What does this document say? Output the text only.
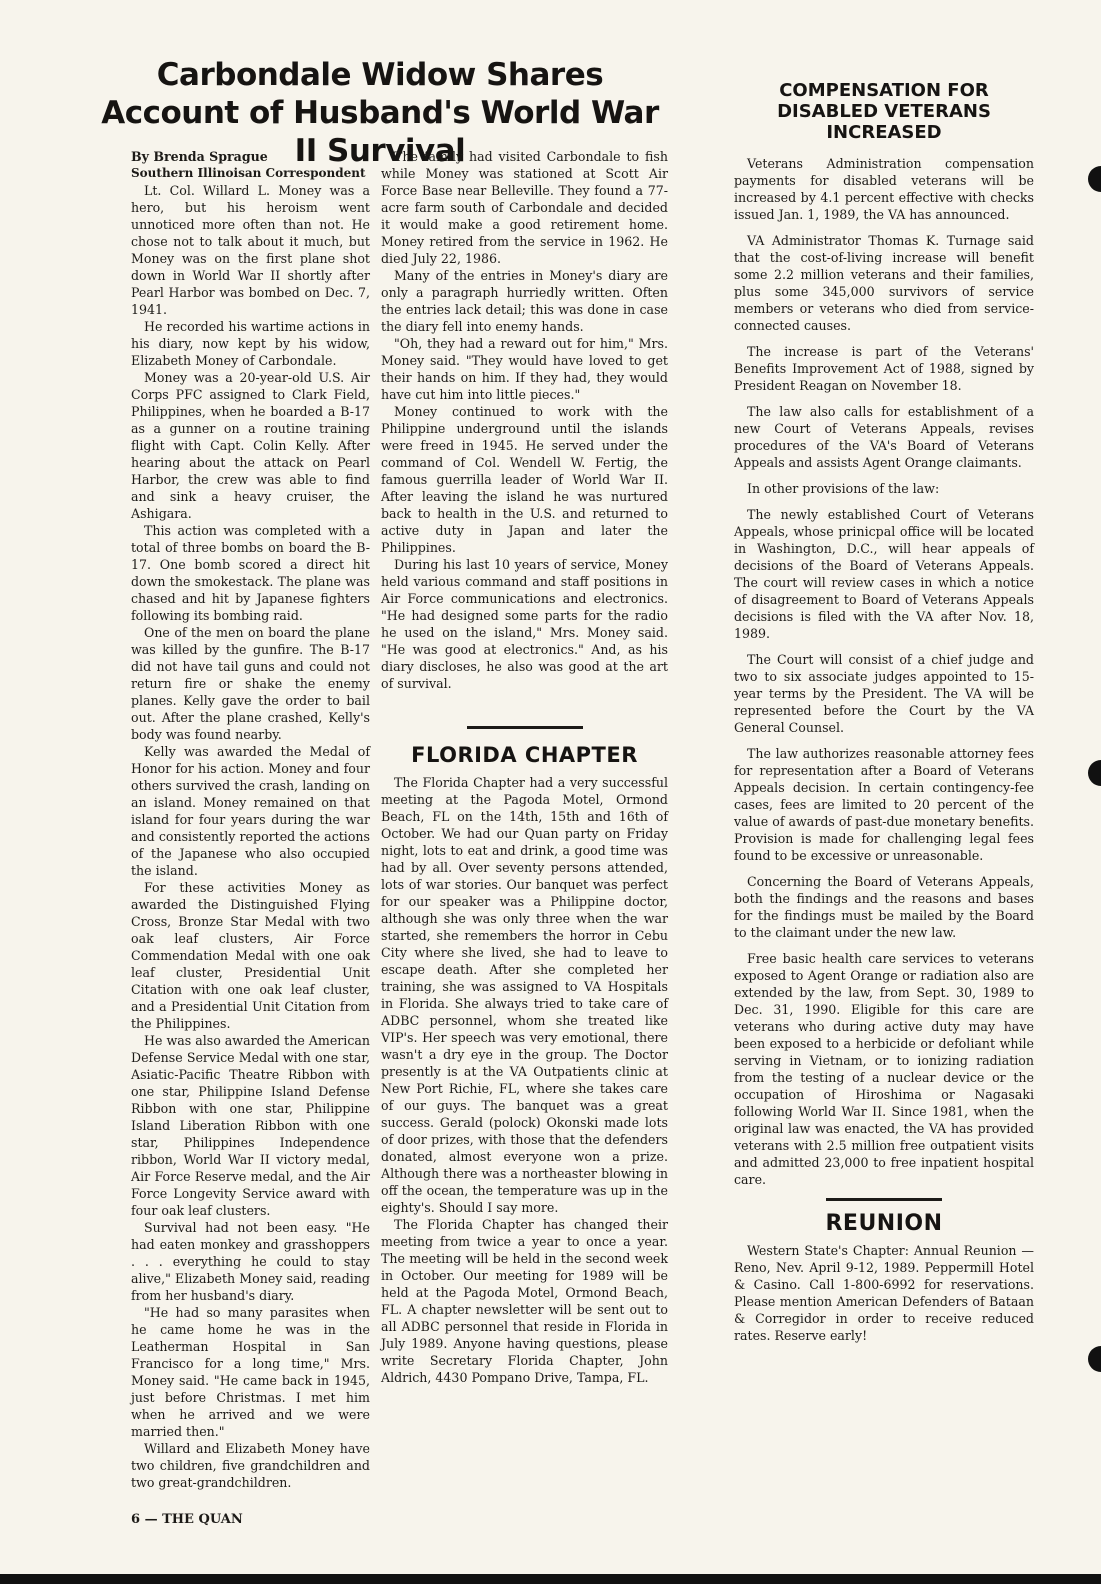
Carbondale Widow Shares Account of Husband's World War II Survival
By Brenda Sprague
Southern Illinoisan Correspondent

Lt. Col. Willard L. Money was a hero, but his heroism went unnoticed more often than not. He chose not to talk about it much, but Money was on the first plane shot down in World War II shortly after Pearl Harbor was bombed on Dec. 7, 1941.

He recorded his wartime actions in his diary, now kept by his widow, Elizabeth Money of Carbondale.

Money was a 20-year-old U.S. Air Corps PFC assigned to Clark Field, Philippines, when he boarded a B-17 as a gunner on a routine training flight with Capt. Colin Kelly. After hearing about the attack on Pearl Harbor, the crew was able to find and sink a heavy cruiser, the Ashigara.

This action was completed with a total of three bombs on board the B-17. One bomb scored a direct hit down the smokestack. The plane was chased and hit by Japanese fighters following its bombing raid.

One of the men on board the plane was killed by the gunfire. The B-17 did not have tail guns and could not return fire or shake the enemy planes. Kelly gave the order to bail out. After the plane crashed, Kelly's body was found nearby.

Kelly was awarded the Medal of Honor for his action. Money and four others survived the crash, landing on an island. Money remained on that island for four years during the war and consistently reported the actions of the Japanese who also occupied the island.

For these activities Money as awarded the Distinguished Flying Cross, Bronze Star Medal with two oak leaf clusters, Air Force Commendation Medal with one oak leaf cluster, Presidential Unit Citation with one oak leaf cluster, and a Presidential Unit Citation from the Philippines.

He was also awarded the American Defense Service Medal with one star, Asiatic-Pacific Theatre Ribbon with one star, Philippine Island Defense Ribbon with one star, Philippine Island Liberation Ribbon with one star, Philippines Independence ribbon, World War II victory medal, Air Force Reserve medal, and the Air Force Longevity Service award with four oak leaf clusters.

Survival had not been easy. "He had eaten monkey and grasshoppers . . . everything he could to stay alive," Elizabeth Money said, reading from her husband's diary.

"He had so many parasites when he came home he was in the Leatherman Hospital in San Francisco for a long time," Mrs. Money said. "He came back in 1945, just before Christmas. I met him when he arrived and we were married then."

Willard and Elizabeth Money have two children, five grandchildren and two great-grandchildren.

The family had visited Carbondale to fish while Money was stationed at Scott Air Force Base near Belleville. They found a 77-acre farm south of Carbondale and decided it would make a good retirement home. Money retired from the service in 1962. He died July 22, 1986.

Many of the entries in Money's diary are only a paragraph hurriedly written. Often the entries lack detail; this was done in case the diary fell into enemy hands.

"Oh, they had a reward out for him," Mrs. Money said. "They would have loved to get their hands on him. If they had, they would have cut him into little pieces."

Money continued to work with the Philippine underground until the islands were freed in 1945. He served under the command of Col. Wendell W. Fertig, the famous guerrilla leader of World War II. After leaving the island he was nurtured back to health in the U.S. and returned to active duty in Japan and later the Philippines.

During his last 10 years of service, Money held various command and staff positions in Air Force communications and electronics. "He had designed some parts for the radio he used on the island," Mrs. Money said. "He was good at electronics." And, as his diary discloses, he also was good at the art of survival.

FLORIDA CHAPTER

The Florida Chapter had a very successful meeting at the Pagoda Motel, Ormond Beach, FL on the 14th, 15th and 16th of October. We had our Quan party on Friday night, lots to eat and drink, a good time was had by all. Over seventy persons attended, lots of war stories. Our banquet was perfect for our speaker was a Philippine doctor, although she was only three when the war started, she remembers the horror in Cebu City where she lived, she had to leave to escape death. After she completed her training, she was assigned to VA Hospitals in Florida. She always tried to take care of ADBC personnel, whom she treated like VIP's. Her speech was very emotional, there wasn't a dry eye in the group. The Doctor presently is at the VA Outpatients clinic at New Port Richie, FL, where she takes care of our guys. The banquet was a great success. Gerald (polock) Okonski made lots of door prizes, with those that the defenders donated, almost everyone won a prize. Although there was a northeaster blowing in off the ocean, the temperature was up in the eighty's. Should I say more.

The Florida Chapter has changed their meeting from twice a year to once a year. The meeting will be held in the second week in October. Our meeting for 1989 will be held at the Pagoda Motel, Ormond Beach, FL. A chapter newsletter will be sent out to all ADBC personnel that reside in Florida in July 1989. Anyone having questions, please write Secretary Florida Chapter, John Aldrich, 4430 Pompano Drive, Tampa, FL.

COMPENSATION FOR DISABLED VETERANS INCREASED

Veterans Administration compensation payments for disabled veterans will be increased by 4.1 percent effective with checks issued Jan. 1, 1989, the VA has announced.

VA Administrator Thomas K. Turnage said that the cost-of-living increase will benefit some 2.2 million veterans and their families, plus some 345,000 survivors of service members or veterans who died from service-connected causes.

The increase is part of the Veterans' Benefits Improvement Act of 1988, signed by President Reagan on November 18.

The law also calls for establishment of a new Court of Veterans Appeals, revises procedures of the VA's Board of Veterans Appeals and assists Agent Orange claimants.

In other provisions of the law:

The newly established Court of Veterans Appeals, whose prinicpal office will be located in Washington, D.C., will hear appeals of decisions of the Board of Veterans Appeals. The court will review cases in which a notice of disagreement to Board of Veterans Appeals decisions is filed with the VA after Nov. 18, 1989.

The Court will consist of a chief judge and two to six associate judges appointed to 15-year terms by the President. The VA will be represented before the Court by the VA General Counsel.

The law authorizes reasonable attorney fees for representation after a Board of Veterans Appeals decision. In certain contingency-fee cases, fees are limited to 20 percent of the value of awards of past-due monetary benefits. Provision is made for challenging legal fees found to be excessive or unreasonable.

Concerning the Board of Veterans Appeals, both the findings and the reasons and bases for the findings must be mailed by the Board to the claimant under the new law.

Free basic health care services to veterans exposed to Agent Orange or radiation also are extended by the law, from Sept. 30, 1989 to Dec. 31, 1990. Eligible for this care are veterans who during active duty may have been exposed to a herbicide or defoliant while serving in Vietnam, or to ionizing radiation from the testing of a nuclear device or the occupation of Hiroshima or Nagasaki following World War II. Since 1981, when the original law was enacted, the VA has provided veterans with 2.5 million free outpatient visits and admitted 23,000 to free inpatient hospital care.

REUNION

Western State's Chapter: Annual Reunion — Reno, Nev. April 9-12, 1989. Peppermill Hotel & Casino. Call 1-800-6992 for reservations. Please mention American Defenders of Bataan & Corregidor in order to receive reduced rates. Reserve early!

6 — THE QUAN
